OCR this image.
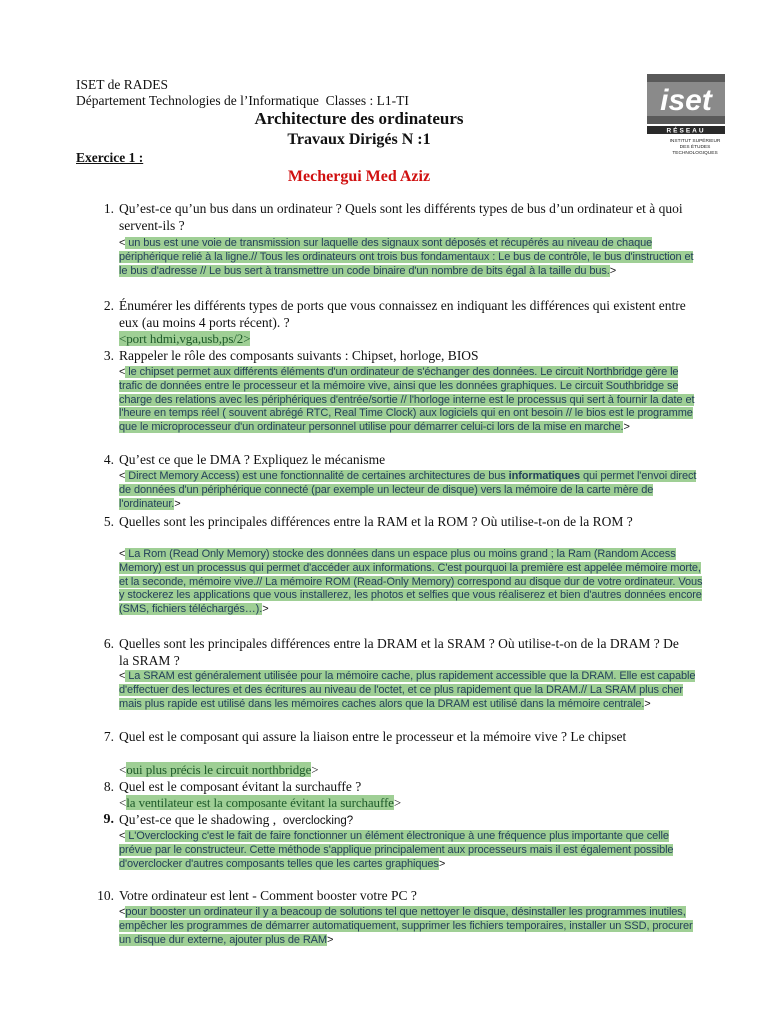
ISET de RADES
Département Technologies de l’Informatique Classes : L1-TI
Architecture des ordinateurs
Travaux Dirigés N :1
Exercice 1 :
Mechergui Med Aziz
iset
RÉSEAU
INSTITUT SUPÉRIEUR
DES ÉTUDES
TECHNOLOGIQUES
1. Qu’est-ce qu’un bus dans un ordinateur ? Quels sont les différents types de bus d’un ordinateur et à quoi servent-ils ?
< un bus est une voie de transmission sur laquelle des signaux sont déposés et récupérés au niveau de chaque périphérique relié à la ligne.// Tous les ordinateurs ont trois bus fondamentaux : Le bus de contrôle, le bus d'instruction et le bus d'adresse // Le bus sert à transmettre un code binaire d'un nombre de bits égal à la taille du bus.>
2. Énumérer les différents types de ports que vous connaissez en indiquant les différences qui existent entre eux (au moins 4 ports récent). ?
<port hdmi,vga,usb,ps/2>
3. Rappeler le rôle des composants suivants : Chipset, horloge, BIOS
< le chipset permet aux différents éléments d'un ordinateur de s'échanger des données. Le circuit Northbridge gère le trafic de données entre le processeur et la mémoire vive, ainsi que les données graphiques. Le circuit Southbridge se charge des relations avec les périphériques d'entrée/sortie // l'horloge interne est le processus qui sert à fournir la date et l'heure en temps réel ( souvent abrégé RTC, Real Time Clock) aux logiciels qui en ont besoin // le bios est le programme que le microprocesseur d'un ordinateur personnel utilise pour démarrer celui-ci lors de la mise en marche.>
4. Qu’est ce que le DMA ? Expliquez le mécanisme
< Direct Memory Access) est une fonctionnalité de certaines architectures de bus informatiques qui permet l'envoi direct de données d'un périphérique connecté (par exemple un lecteur de disque) vers la mémoire de la carte mère de l'ordinateur.>
5. Quelles sont les principales différences entre la RAM et la ROM ? Où utilise-t-on de la ROM ?
< La Rom (Read Only Memory) stocke des données dans un espace plus ou moins grand ; la Ram (Random Access Memory) est un processus qui permet d'accéder aux informations. C'est pourquoi la première est appelée mémoire morte, et la seconde, mémoire vive.// La mémoire ROM (Read-Only Memory) correspond au disque dur de votre ordinateur. Vous y stockerez les applications que vous installerez, les photos et selfies que vous réaliserez et bien d'autres données encore (SMS, fichiers téléchargés…).>
6. Quelles sont les principales différences entre la DRAM et la SRAM ? Où utilise-t-on de la DRAM ? De la SRAM ?
< La SRAM est généralement utilisée pour la mémoire cache, plus rapidement accessible que la DRAM. Elle est capable d'effectuer des lectures et des écritures au niveau de l'octet, et ce plus rapidement que la DRAM.// La SRAM plus cher mais plus rapide est utilisé dans les mémoires caches alors que la DRAM est utilisé dans la mémoire centrale.>
7. Quel est le composant qui assure la liaison entre le processeur et la mémoire vive ? Le chipset
<oui plus précis le circuit northbridge>
8. Quel est le composant évitant la surchauffe ?
<la ventilateur est la composante évitant la surchauffe>
9. Qu’est-ce que le shadowing , overclocking?
< L'Overclocking c'est le fait de faire fonctionner un élément électronique à une fréquence plus importante que celle prévue par le constructeur. Cette méthode s'applique principalement aux processeurs mais il est également possible d'overclocker d'autres composants telles que les cartes graphiques>
10. Votre ordinateur est lent - Comment booster votre PC ?
<pour booster un ordinateur il y a beacoup de solutions tel que nettoyer le disque, désinstaller les programmes inutiles, empêcher les programmes de démarrer automatiquement, supprimer les fichiers temporaires, installer un SSD, procurer un disque dur externe, ajouter plus de RAM>
